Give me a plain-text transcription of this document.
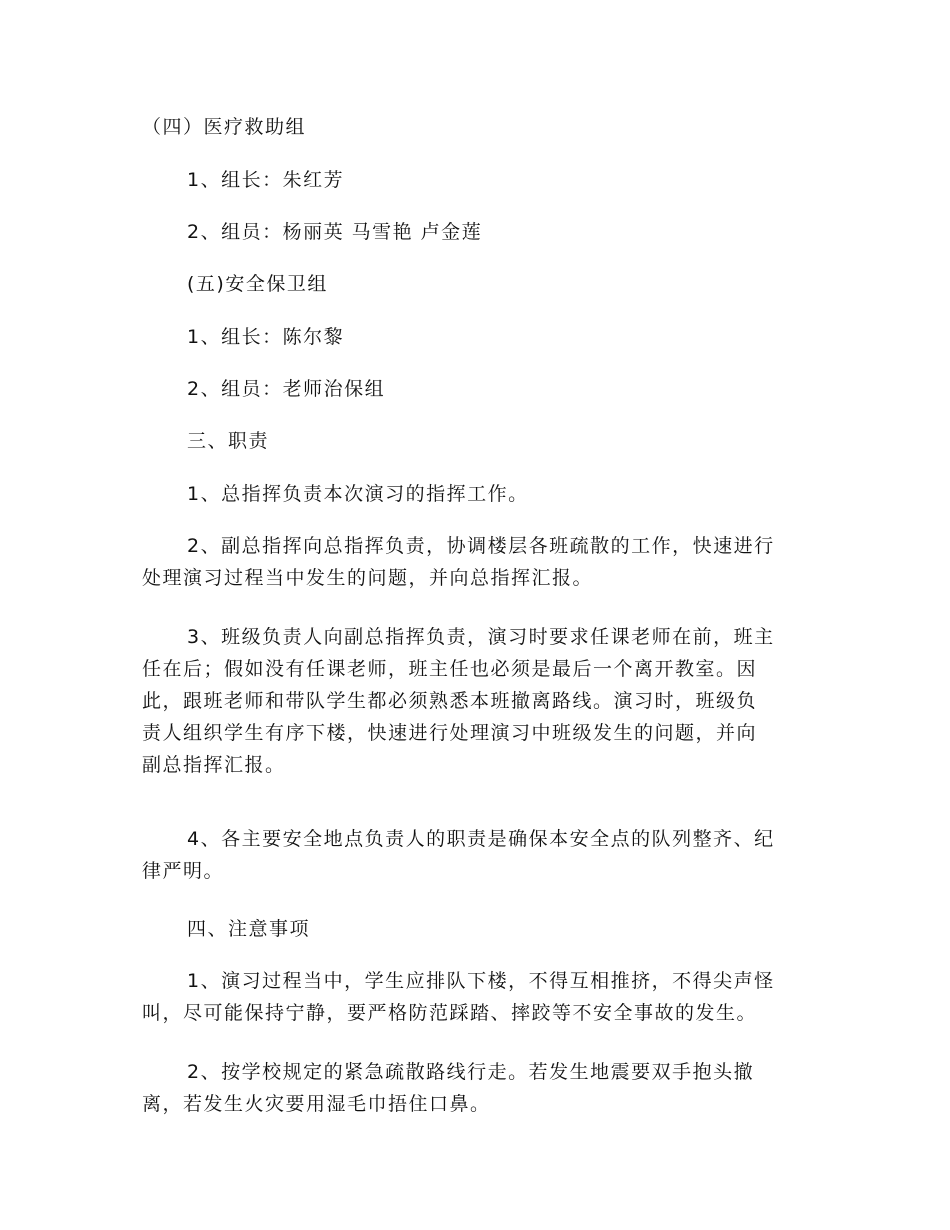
（四）医疗救助组
1、组长：朱红芳
2、组员：杨丽英 马雪艳 卢金莲
(五)安全保卫组
1、组长：陈尔黎
2、组员：老师治保组
三、职责
1、总指挥负责本次演习的指挥工作。
2、副总指挥向总指挥负责，协调楼层各班疏散的工作，快速进行
处理演习过程当中发生的问题，并向总指挥汇报。
3、班级负责人向副总指挥负责，演习时要求任课老师在前，班主
任在后；假如没有任课老师，班主任也必须是最后一个离开教室。因
此，跟班老师和带队学生都必须熟悉本班撤离路线。演习时，班级负
责人组织学生有序下楼，快速进行处理演习中班级发生的问题，并向
副总指挥汇报。
4、各主要安全地点负责人的职责是确保本安全点的队列整齐、纪
律严明。
四、注意事项
1、演习过程当中，学生应排队下楼，不得互相推挤，不得尖声怪
叫，尽可能保持宁静，要严格防范踩踏、摔跤等不安全事故的发生。
2、按学校规定的紧急疏散路线行走。若发生地震要双手抱头撤
离，若发生火灾要用湿毛巾捂住口鼻。
